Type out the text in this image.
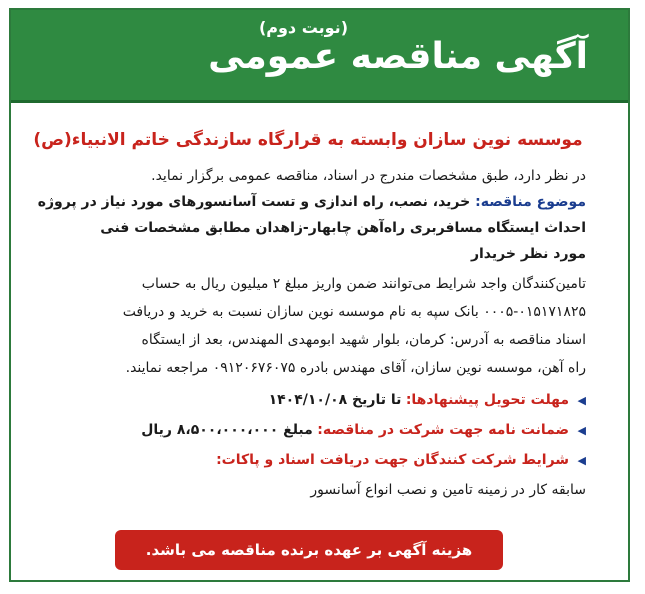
(نوبت دوم)
آگهی مناقصه عمومی
موسسه نوین سازان وابسته به قرارگاه سازندگی خاتم الانبیاء(ص)
در نظر دارد، طبق مشخصات مندرج در اسناد، مناقصه عمومی برگزار نماید.
موضوع مناقصه: خرید، نصب، راه اندازی و تست آسانسورهای مورد نیاز در پروژه
احداث ایستگاه مسافربری راه‌آهن چابهار-زاهدان مطابق مشخصات فنی
مورد نظر خریدار
تامین‌کنندگان واجد شرایط می‌توانند ضمن واریز مبلغ ۲ میلیون ریال به حساب
۰۰۰۵-۰۱۵۱۷۱۸۲۵ بانک سپه به نام موسسه نوین سازان نسبت به خرید و دریافت
اسناد مناقصه به آدرس: کرمان، بلوار شهید ابومهدی المهندس، بعد از ایستگاه
راه آهن، موسسه نوین سازان، آقای مهندس بادره ۰۹۱۲۰۶۷۶۰۷۵ مراجعه نمایند.
◀ مهلت تحویل پیشنهادها: تا تاریخ ۱۴۰۴/۱۰/۰۸
◀ ضمانت نامه جهت شرکت در مناقصه: مبلغ ۸،۵۰۰،۰۰۰،۰۰۰ ریال
◀ شرایط شرکت کنندگان جهت دریافت اسناد و پاکات:
سابقه کار در زمینه تامین و نصب انواع آسانسور
هزینه آگهی بر عهده برنده مناقصه می باشد.
